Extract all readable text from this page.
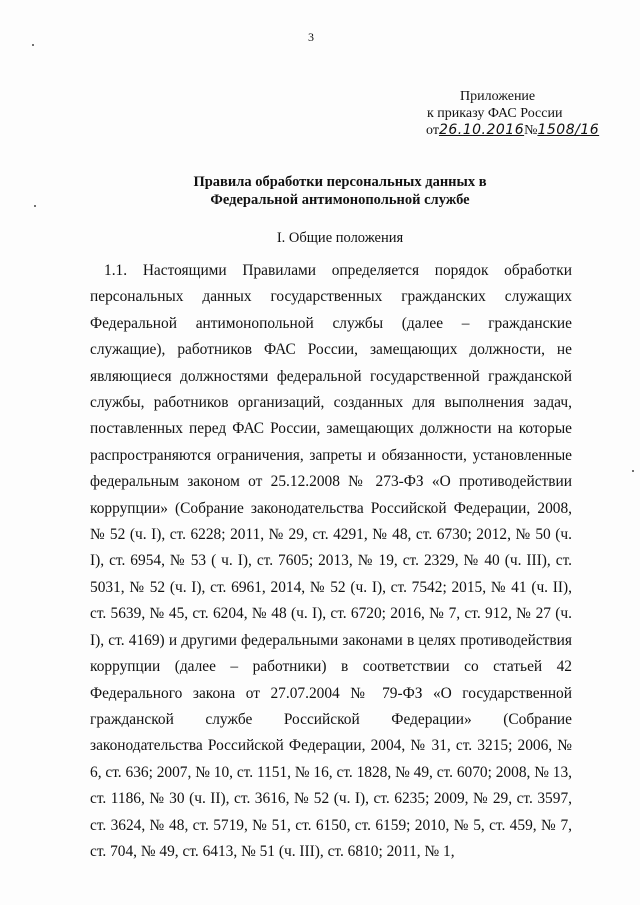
3
Приложение
к приказу ФАС России
от26.10.2016№1508/16
Правила обработки персональных данных в
Федеральной антимонопольной службе
I. Общие положения

1.1. Настоящими Правилами определяется порядок обработки персональных данных государственных гражданских служащих Федеральной антимонопольной службы (далее – гражданские служащие), работников ФАС России, замещающих должности, не являющиеся должностями федеральной государственной гражданской службы, работников организаций, созданных для выполнения задач, поставленных перед ФАС России, замещающих должности на которые распространяются ограничения, запреты и обязанности, установленные федеральным законом от 25.12.2008 № 273-ФЗ «О противодействии коррупции» (Собрание законодательства Российской Федерации, 2008, № 52 (ч. I), ст. 6228; 2011, № 29, ст. 4291, № 48, ст. 6730; 2012, № 50 (ч. I), ст. 6954, № 53 ( ч. I), ст. 7605; 2013, № 19, ст. 2329, № 40 (ч. III), ст. 5031, № 52 (ч. I), ст. 6961, 2014, № 52 (ч. I), ст. 7542; 2015, № 41 (ч. II), ст. 5639, № 45, ст. 6204, № 48 (ч. I), ст. 6720; 2016, № 7, ст. 912, № 27 (ч. I), ст. 4169) и другими федеральными законами в целях противодействия коррупции (далее – работники) в соответствии со статьей 42 Федерального закона от 27.07.2004 № 79-ФЗ «О государственной гражданской службе Российской Федерации» (Собрание законодательства Российской Федерации, 2004, № 31, ст. 3215; 2006, № 6, ст. 636; 2007, № 10, ст. 1151, № 16, ст. 1828, № 49, ст. 6070; 2008, № 13, ст. 1186, № 30 (ч. II), ст. 3616, № 52 (ч. I), ст. 6235; 2009, № 29, ст. 3597, ст. 3624, № 48, ст. 5719, № 51, ст. 6150, ст. 6159; 2010, № 5, ст. 459, № 7, ст. 704, № 49, ст. 6413, № 51 (ч. III), ст. 6810; 2011, № 1,
